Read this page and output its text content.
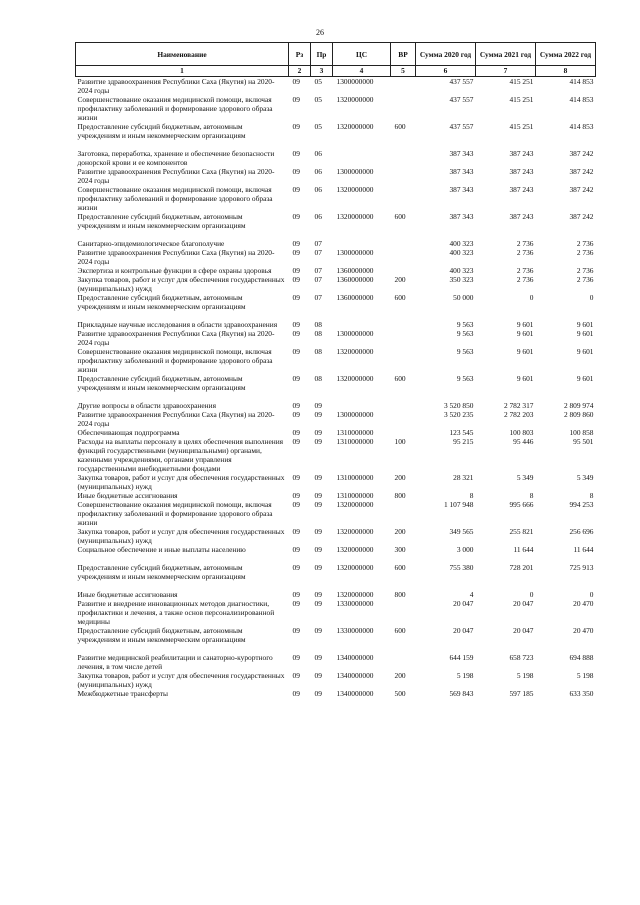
26
Наименование	Рз	Пр	ЦС	ВР	Сумма 2020 год	Сумма 2021 год	Сумма 2022 год
1	2	3	4	5	6	7	8
Развитие здравоохранения Республики Саха (Якутия) на 2020-2024 годы	09	05	1300000000		437 557	415 251	414 853
Совершенствование оказания медицинской помощи, включая профилактику заболеваний и формирование здорового образа жизни	09	05	1320000000		437 557	415 251	414 853
Предоставление субсидий бюджетным, автономным учреждениям и иным некоммерческим организациям	09	05	1320000000	600	437 557	415 251	414 853

Заготовка, переработка, хранение и обеспечение безопасности донорской крови и ее компонентов	09	06			387 343	387 243	387 242
Развитие здравоохранения Республики Саха (Якутия) на 2020-2024 годы	09	06	1300000000		387 343	387 243	387 242
Совершенствование оказания медицинской помощи, включая профилактику заболеваний и формирование здорового образа жизни	09	06	1320000000		387 343	387 243	387 242
Предоставление субсидий бюджетным, автономным учреждениям и иным некоммерческим организациям	09	06	1320000000	600	387 343	387 243	387 242

Санитарно-эпидемиологическое благополучие	09	07			400 323	2 736	2 736
Развитие здравоохранения Республики Саха (Якутия) на 2020-2024 годы	09	07	1300000000		400 323	2 736	2 736
Экспертиза и контрольные функции в сфере охраны здоровья	09	07	1360000000		400 323	2 736	2 736
Закупка товаров, работ и услуг для обеспечения государственных (муниципальных) нужд	09	07	1360000000	200	350 323	2 736	2 736
Предоставление субсидий бюджетным, автономным учреждениям и иным некоммерческим организациям	09	07	1360000000	600	50 000	0	0

Прикладные научные исследования в области здравоохранения	09	08			9 563	9 601	9 601
Развитие здравоохранения Республики Саха (Якутия) на 2020-2024 годы	09	08	1300000000		9 563	9 601	9 601
Совершенствование оказания медицинской помощи, включая профилактику заболеваний и формирование здорового образа жизни	09	08	1320000000		9 563	9 601	9 601
Предоставление субсидий бюджетным, автономным учреждениям и иным некоммерческим организациям	09	08	1320000000	600	9 563	9 601	9 601

Другие вопросы в области здравоохранения	09	09			3 520 850	2 782 317	2 809 974
Развитие здравоохранения Республики Саха (Якутия) на 2020-2024 годы	09	09	1300000000		3 520 235	2 782 203	2 809 860
Обеспечивающая подпрограмма	09	09	1310000000		123 545	100 803	100 858
Расходы на выплаты персоналу в целях обеспечения выполнения функций государственными (муниципальными) органами, казенными учреждениями, органами управления государственными внебюджетными фондами	09	09	1310000000	100	95 215	95 446	95 501
Закупка товаров, работ и услуг для обеспечения государственных (муниципальных) нужд	09	09	1310000000	200	28 321	5 349	5 349
Иные бюджетные ассигнования	09	09	1310000000	800	8	8	8
Совершенствование оказания медицинской помощи, включая профилактику заболеваний и формирование здорового образа жизни	09	09	1320000000		1 107 948	995 666	994 253
Закупка товаров, работ и услуг для обеспечения государственных (муниципальных) нужд	09	09	1320000000	200	349 565	255 821	256 696
Социальное обеспечение и иные выплаты населению	09	09	1320000000	300	3 000	11 644	11 644

Предоставление субсидий бюджетным, автономным учреждениям и иным некоммерческим организациям	09	09	1320000000	600	755 380	728 201	725 913

Иные бюджетные ассигнования	09	09	1320000000	800	4	0	0
Развитие и внедрение инновационных методов диагностики, профилактики и лечения, а также основ персонализированной медицины	09	09	1330000000		20 047	20 047	20 470
Предоставление субсидий бюджетным, автономным учреждениям и иным некоммерческим организациям	09	09	1330000000	600	20 047	20 047	20 470

Развитие медицинской реабилитации и санаторно-курортного лечения, в том числе детей	09	09	1340000000		644 159	658 723	694 888
Закупка товаров, работ и услуг для обеспечения государственных (муниципальных) нужд	09	09	1340000000	200	5 198	5 198	5 198
Межбюджетные трансферты	09	09	1340000000	500	569 843	597 185	633 350
